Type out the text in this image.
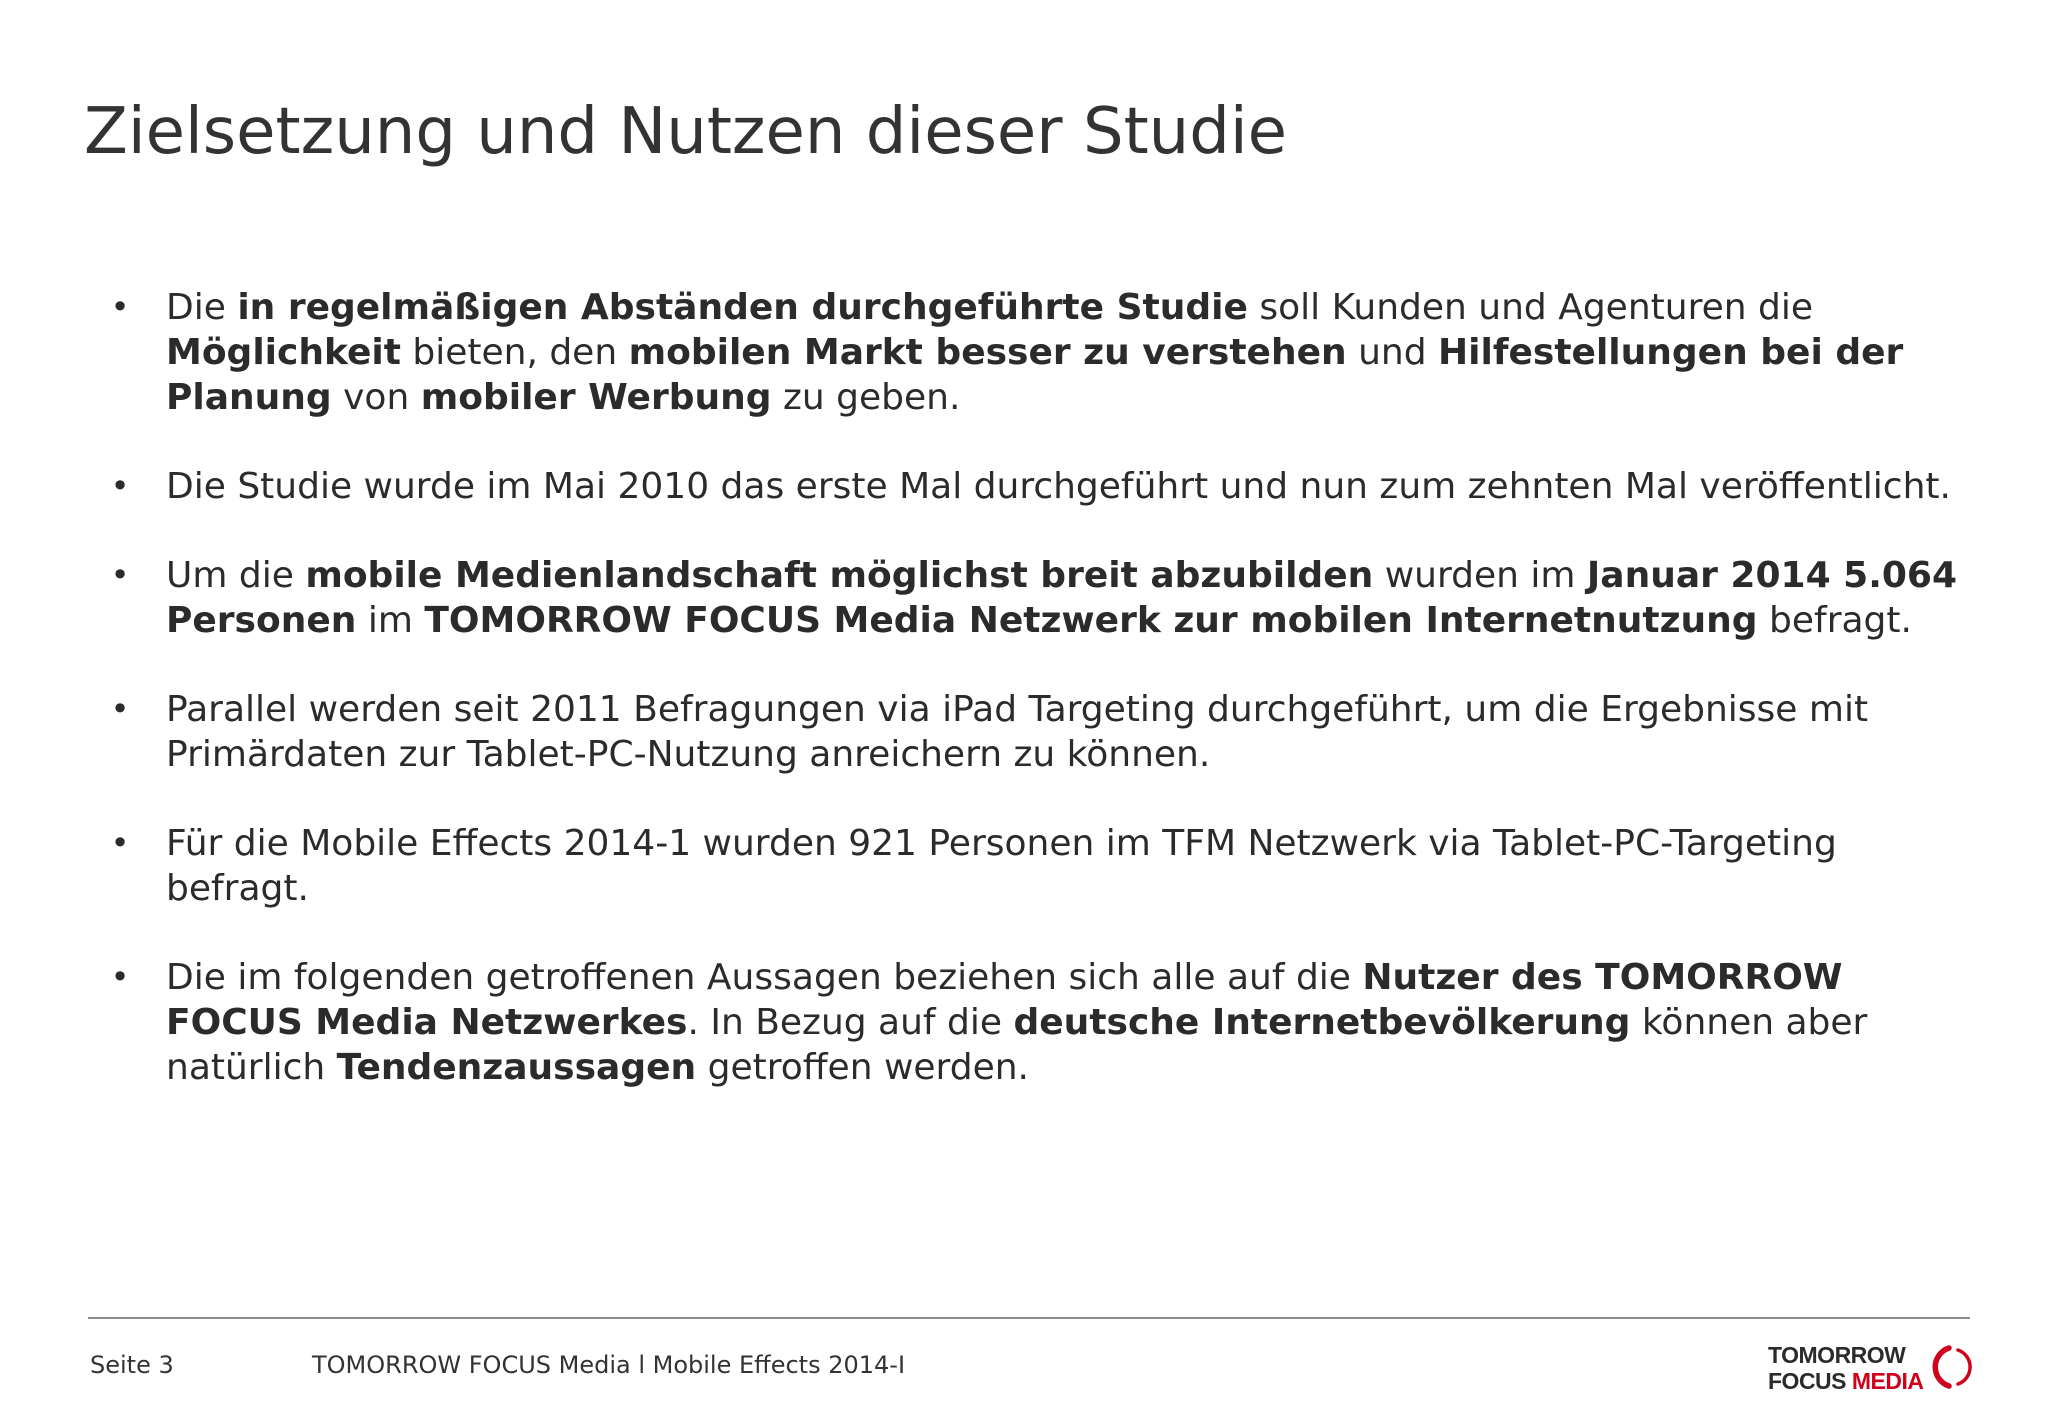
Zielsetzung und Nutzen dieser Studie
• Die in regelmäßigen Abständen durchgeführte Studie soll Kunden und Agenturen die Möglichkeit bieten, den mobilen Markt besser zu verstehen und Hilfestellungen bei der Planung von mobiler Werbung zu geben.
• Die Studie wurde im Mai 2010 das erste Mal durchgeführt und nun zum zehnten Mal veröffentlicht.
• Um die mobile Medienlandschaft möglichst breit abzubilden wurden im Januar 2014 5.064 Personen im TOMORROW FOCUS Media Netzwerk zur mobilen Internetnutzung befragt.
• Parallel werden seit 2011 Befragungen via iPad Targeting durchgeführt, um die Ergebnisse mit Primärdaten zur Tablet-PC-Nutzung anreichern zu können.
• Für die Mobile Effects 2014-1 wurden 921 Personen im TFM Netzwerk via Tablet-PC-Targeting befragt.
• Die im folgenden getroffenen Aussagen beziehen sich alle auf die Nutzer des TOMORROW FOCUS Media Netzwerkes. In Bezug auf die deutsche Internetbevölkerung können aber natürlich Tendenzaussagen getroffen werden.
Seite 3	TOMORROW FOCUS Media l Mobile Effects 2014-I	TOMORROW
FOCUS MEDIA
